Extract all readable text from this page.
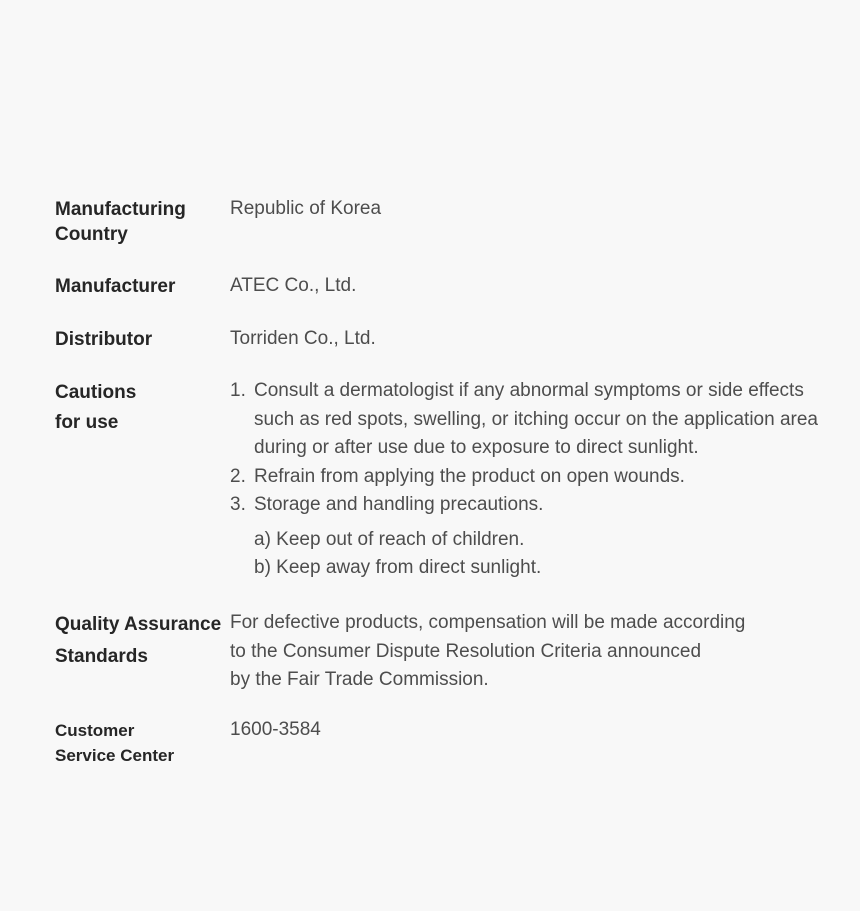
Manufacturing
Country
Republic of Korea
Manufacturer	ATEC Co., Ltd.
Distributor	Torriden Co., Ltd.
Cautions
for use
1. Consult a dermatologist if any abnormal symptoms or side effects
such as red spots, swelling, or itching occur on the application area
during or after use due to exposure to direct sunlight.
2. Refrain from applying the product on open wounds.
3. Storage and handling precautions.
a) Keep out of reach of children.
b) Keep away from direct sunlight.
Quality Assurance
Standards
For defective products, compensation will be made according
to the Consumer Dispute Resolution Criteria announced
by the Fair Trade Commission.
Customer
Service Center
1600-3584
